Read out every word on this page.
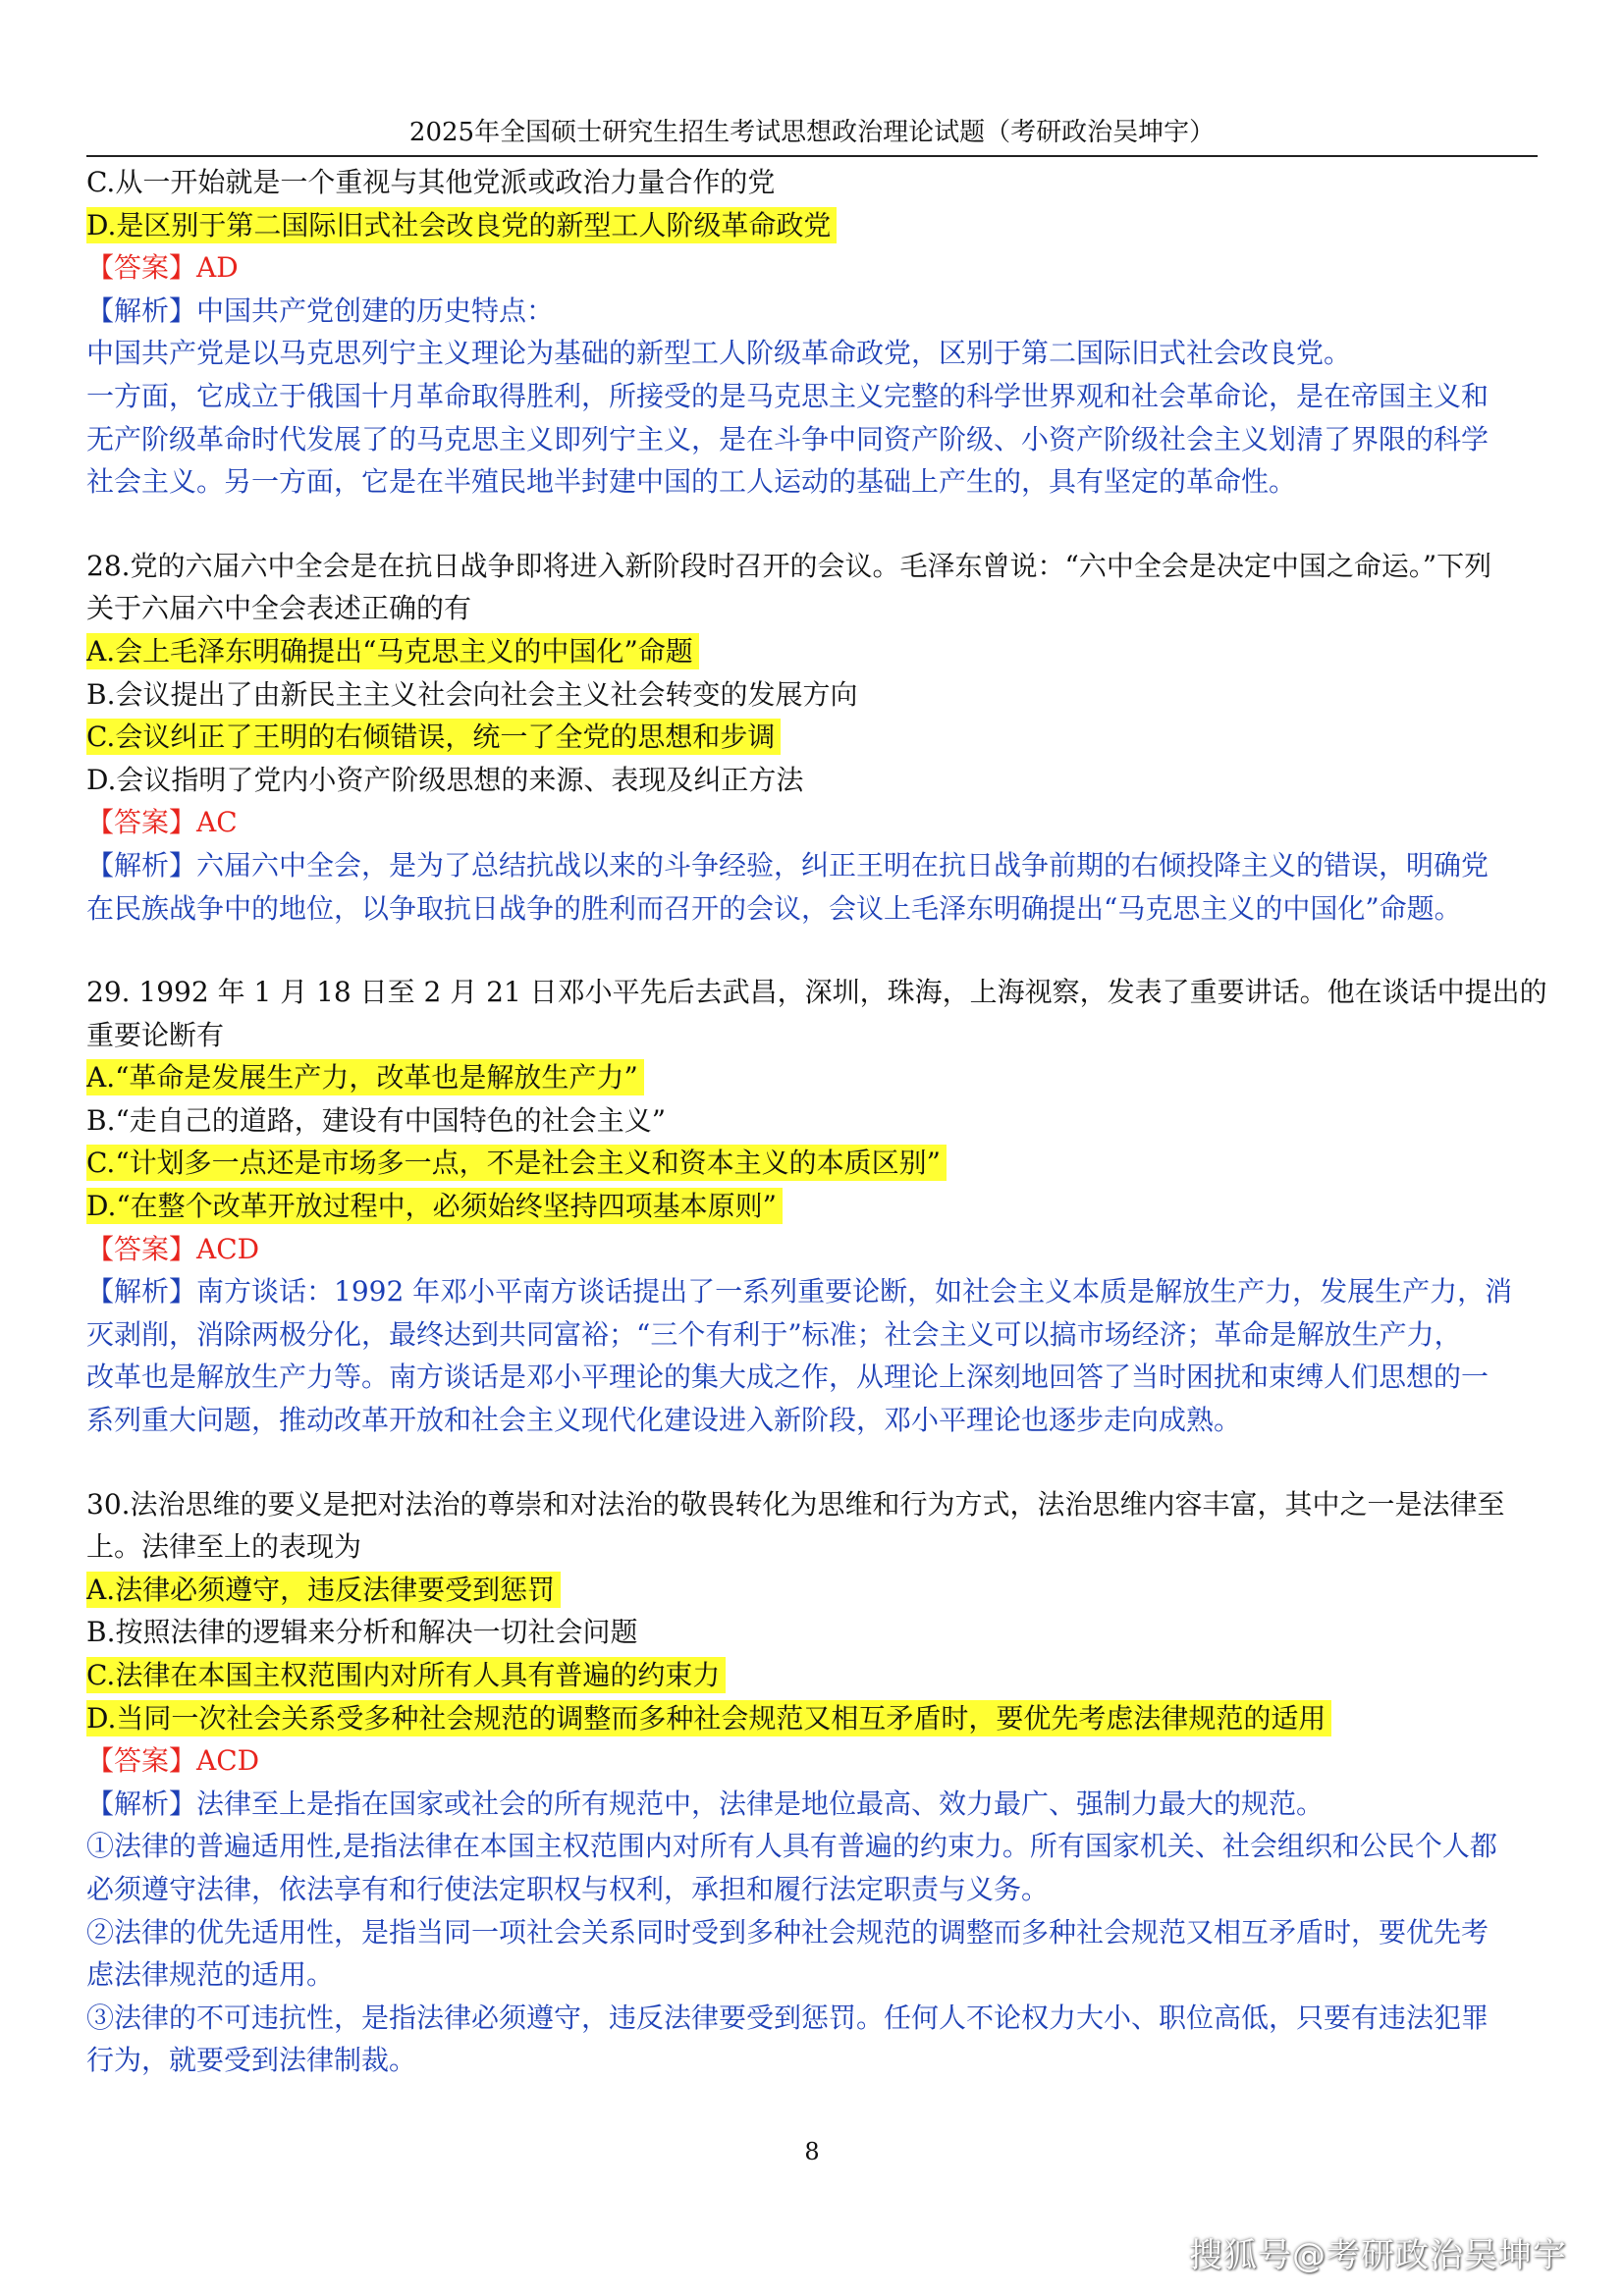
2025年全国硕士研究生招生考试思想政治理论试题（考研政治吴坤宇）
C.从一开始就是一个重视与其他党派或政治力量合作的党
D.是区别于第二国际旧式社会改良党的新型工人阶级革命政党
【答案】AD
【解析】中国共产党创建的历史特点：
中国共产党是以马克思列宁主义理论为基础的新型工人阶级革命政党，区别于第二国际旧式社会改良党。
一方面，它成立于俄国十月革命取得胜利，所接受的是马克思主义完整的科学世界观和社会革命论，是在帝国主义和
无产阶级革命时代发展了的马克思主义即列宁主义，是在斗争中同资产阶级、小资产阶级社会主义划清了界限的科学
社会主义。另一方面，它是在半殖民地半封建中国的工人运动的基础上产生的，具有坚定的革命性。
28.党的六届六中全会是在抗日战争即将进入新阶段时召开的会议。毛泽东曾说：“六中全会是决定中国之命运。”下列
关于六届六中全会表述正确的有
A.会上毛泽东明确提出“马克思主义的中国化”命题
B.会议提出了由新民主主义社会向社会主义社会转变的发展方向
C.会议纠正了王明的右倾错误，统一了全党的思想和步调
D.会议指明了党内小资产阶级思想的来源、表现及纠正方法
【答案】AC
【解析】六届六中全会，是为了总结抗战以来的斗争经验，纠正王明在抗日战争前期的右倾投降主义的错误，明确党
在民族战争中的地位，以争取抗日战争的胜利而召开的会议，会议上毛泽东明确提出“马克思主义的中国化”命题。
29. 1992 年 1 月 18 日至 2 月 21 日邓小平先后去武昌，深圳，珠海，上海视察，发表了重要讲话。他在谈话中提出的
重要论断有
A.“革命是发展生产力，改革也是解放生产力”
B.“走自己的道路，建设有中国特色的社会主义”
C.“计划多一点还是市场多一点，不是社会主义和资本主义的本质区别”
D.“在整个改革开放过程中，必须始终坚持四项基本原则”
【答案】ACD
【解析】南方谈话：1992 年邓小平南方谈话提出了一系列重要论断，如社会主义本质是解放生产力，发展生产力，消
灭剥削，消除两极分化，最终达到共同富裕；“三个有利于”标准；社会主义可以搞市场经济；革命是解放生产力，
改革也是解放生产力等。南方谈话是邓小平理论的集大成之作，从理论上深刻地回答了当时困扰和束缚人们思想的一
系列重大问题，推动改革开放和社会主义现代化建设进入新阶段，邓小平理论也逐步走向成熟。
30.法治思维的要义是把对法治的尊崇和对法治的敬畏转化为思维和行为方式，法治思维内容丰富，其中之一是法律至
上。法律至上的表现为
A.法律必须遵守，违反法律要受到惩罚
B.按照法律的逻辑来分析和解决一切社会问题
C.法律在本国主权范围内对所有人具有普遍的约束力
D.当同一次社会关系受多种社会规范的调整而多种社会规范又相互矛盾时，要优先考虑法律规范的适用
【答案】ACD
【解析】法律至上是指在国家或社会的所有规范中，法律是地位最高、效力最广、强制力最大的规范。
①法律的普遍适用性,是指法律在本国主权范围内对所有人具有普遍的约束力。所有国家机关、社会组织和公民个人都
必须遵守法律，依法享有和行使法定职权与权利，承担和履行法定职责与义务。
②法律的优先适用性，是指当同一项社会关系同时受到多种社会规范的调整而多种社会规范又相互矛盾时，要优先考
虑法律规范的适用。
③法律的不可违抗性，是指法律必须遵守，违反法律要受到惩罚。任何人不论权力大小、职位高低，只要有违法犯罪
行为，就要受到法律制裁。
8
搜狐号@考研政治吴坤宇
